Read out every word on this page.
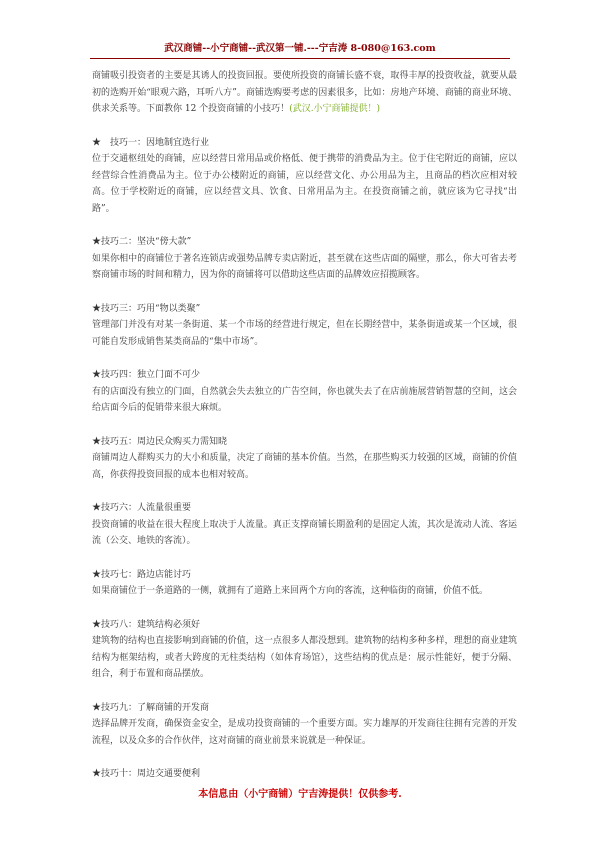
武汉商铺--小宁商铺--武汉第一铺.---宁吉涛 8-080@163.com

商铺吸引投资者的主要是其诱人的投资回报。要使所投资的商铺长盛不衰，取得丰厚的投资收益，就要从最初的选购开始“眼观六路，耳听八方”。商铺选购要考虑的因素很多，比如：房地产环境、商铺的商业环境、供求关系等。下面教你 12 个投资商铺的小技巧！(武汉.小宁商铺提供！)

★　技巧一：因地制宜选行业

位于交通枢纽处的商铺，应以经营日常用品或价格低、便于携带的消费品为主。位于住宅附近的商铺，应以经营综合性消费品为主。位于办公楼附近的商铺，应以经营文化、办公用品为主，且商品的档次应相对较高。位于学校附近的商铺，应以经营文具、饮食、日常用品为主。在投资商铺之前，就应该为它寻找“出路”。

★技巧二：坚决“傍大款”

如果你相中的商铺位于著名连锁店或强势品牌专卖店附近，甚至就在这些店面的隔壁，那么，你大可省去考察商铺市场的时间和精力，因为你的商铺将可以借助这些店面的品牌效应招揽顾客。

★技巧三：巧用“物以类聚”

管理部门并没有对某一条街道、某一个市场的经营进行规定，但在长期经营中，某条街道或某一个区域，很可能自发形成销售某类商品的“集中市场”。

★技巧四：独立门面不可少

有的店面没有独立的门面，自然就会失去独立的广告空间，你也就失去了在店前施展营销智慧的空间，这会给店面今后的促销带来很大麻烦。

★技巧五：周边民众购买力需知晓

商铺周边人群购买力的大小和质量，决定了商铺的基本价值。当然，在那些购买力较强的区域，商铺的价值高，你获得投资回报的成本也相对较高。

★技巧六：人流量很重要

投资商铺的收益在很大程度上取决于人流量。真正支撑商铺长期盈利的是固定人流，其次是流动人流、客运流（公交、地铁的客流）。

★技巧七：路边店能讨巧

如果商铺位于一条道路的一侧，就拥有了道路上来回两个方向的客流，这种临街的商铺，价值不低。

★技巧八：建筑结构必须好

建筑物的结构也直接影响到商铺的价值，这一点很多人都没想到。建筑物的结构多种多样，理想的商业建筑结构为框架结构，或者大跨度的无柱类结构（如体育场馆），这些结构的优点是：展示性能好，便于分隔、组合，利于布置和商品摆放。

★技巧九：了解商铺的开发商

选择品牌开发商，确保资金安全，是成功投资商铺的一个重要方面。实力雄厚的开发商往往拥有完善的开发流程，以及众多的合作伙伴，这对商铺的商业前景来说就是一种保证。

★技巧十：周边交通要便利

本信息由（小宁商铺）宁吉涛提供！仅供参考.
